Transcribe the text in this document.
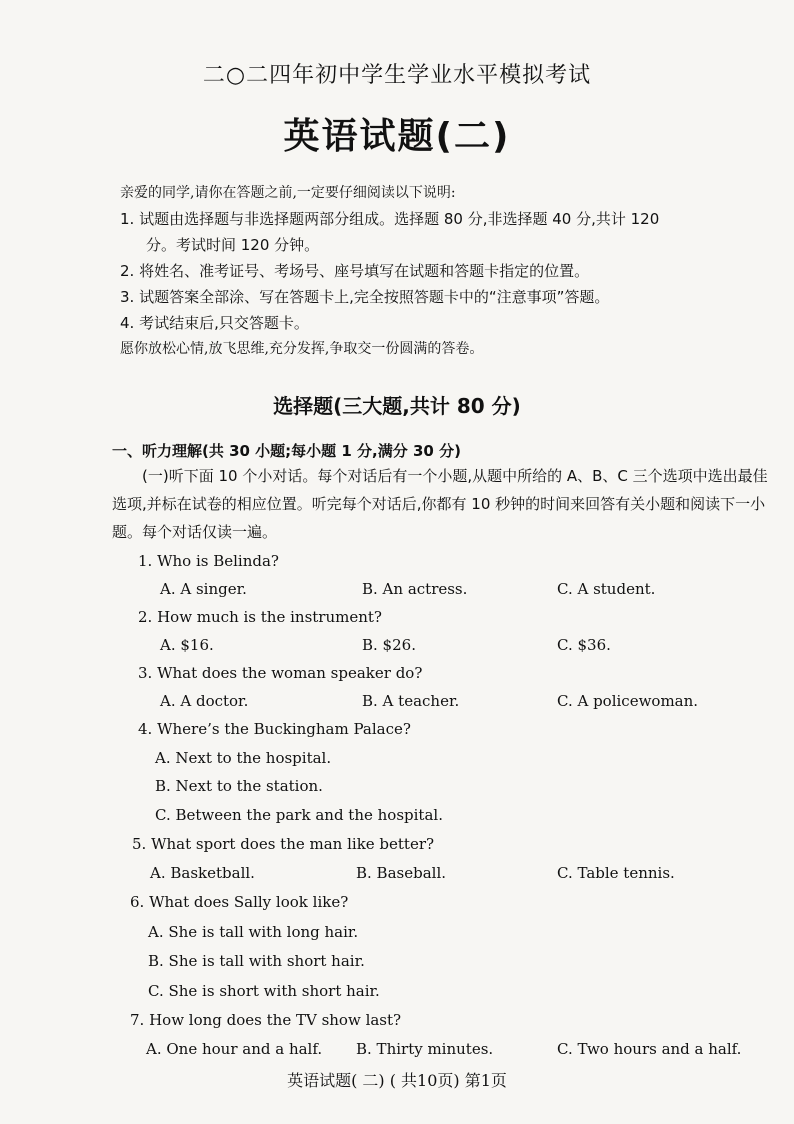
二○二四年初中学生学业水平模拟考试
英语试题(二)
亲爱的同学,请你在答题之前,一定要仔细阅读以下说明:
1. 试题由选择题与非选择题两部分组成。选择题 80 分,非选择题 40 分,共计 120
分。考试时间 120 分钟。
2. 将姓名、准考证号、考场号、座号填写在试题和答题卡指定的位置。
3. 试题答案全部涂、写在答题卡上,完全按照答题卡中的“注意事项”答题。
4. 考试结束后,只交答题卡。
愿你放松心情,放飞思维,充分发挥,争取交一份圆满的答卷。
选择题(三大题,共计 80 分)
一、听力理解(共 30 小题;每小题 1 分,满分 30 分)
(一)听下面 10 个小对话。每个对话后有一个小题,从题中所给的 A、B、C 三个选项中选出最佳选项,并标在试卷的相应位置。听完每个对话后,你都有 10 秒钟的时间来回答有关小题和阅读下一小题。每个对话仅读一遍。
1. Who is Belinda?
A. A singer.	B. An actress.	C. A student.
2. How much is the instrument?
A. $16.	B. $26.	C. $36.
3. What does the woman speaker do?
A. A doctor.	B. A teacher.	C. A policewoman.
4. Where’s the Buckingham Palace?
A. Next to the hospital.
B. Next to the station.
C. Between the park and the hospital.
5. What sport does the man like better?
A. Basketball.	B. Baseball.	C. Table tennis.
6. What does Sally look like?
A. She is tall with long hair.
B. She is tall with short hair.
C. She is short with short hair.
7. How long does the TV show last?
A. One hour and a half. B. Thirty minutes.	C. Two hours and a half.
英语试题( 二) ( 共10页) 第1页
